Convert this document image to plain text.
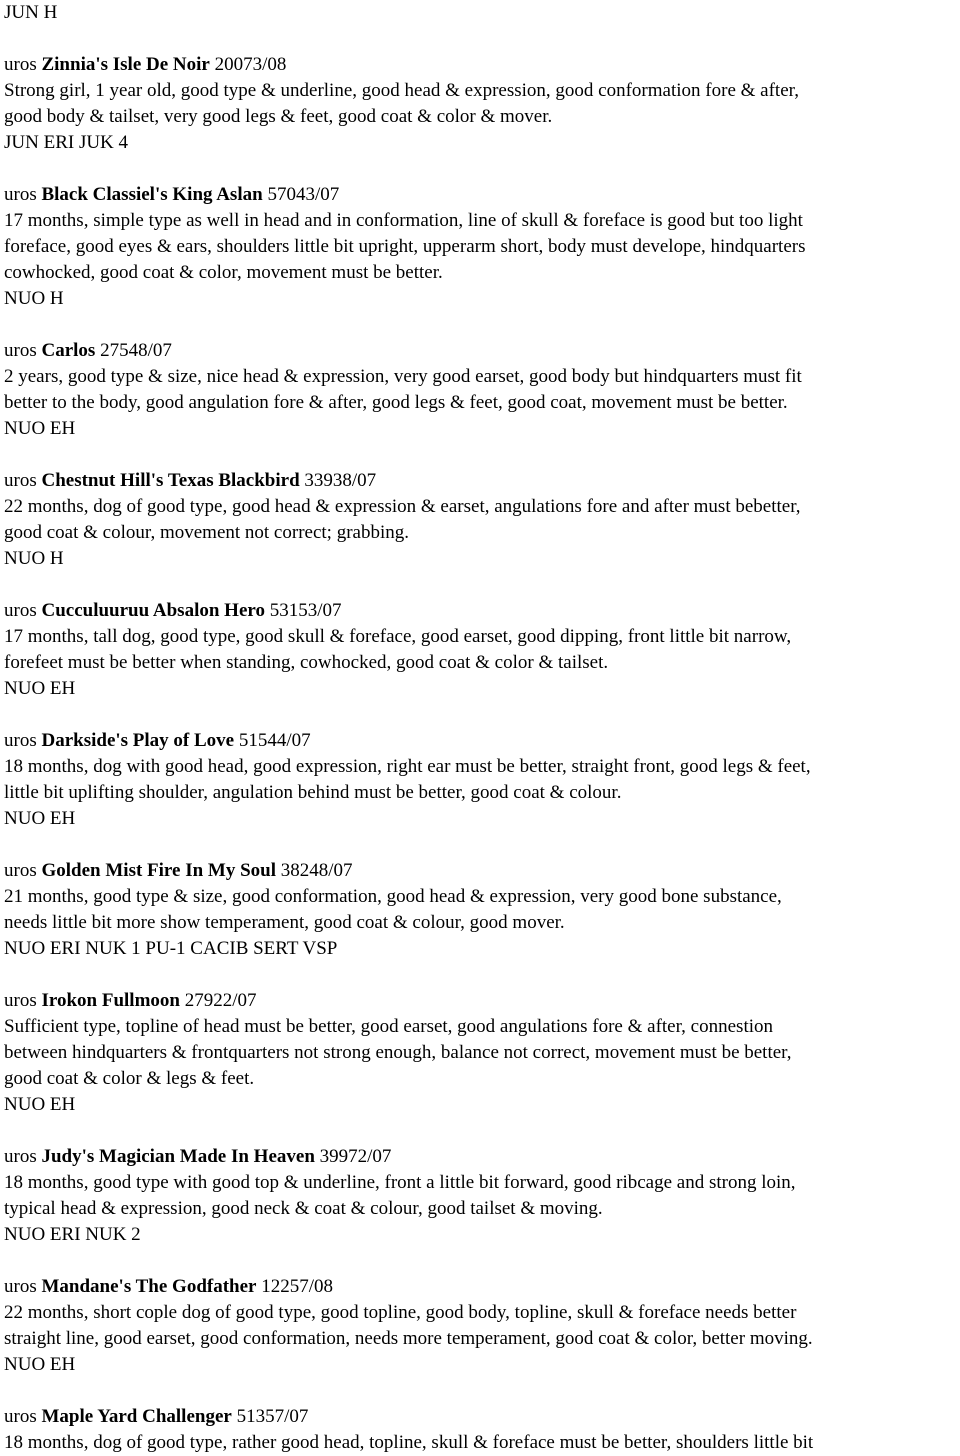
JUN H
uros Zinnia's Isle De Noir 20073/08
Strong girl, 1 year old, good type & underline, good head & expression, good conformation fore & after,
good body & tailset, very good legs & feet, good coat & color & mover.
JUN ERI JUK 4
uros Black Classiel's King Aslan 57043/07
17 months, simple type as well in head and in conformation, line of skull & foreface is good but too light
foreface, good eyes & ears, shoulders little bit upright, upperarm short, body must develope, hindquarters
cowhocked, good coat & color, movement must be better.
NUO H
uros Carlos 27548/07
2 years, good type & size, nice head & expression, very good earset, good body but hindquarters must fit
better to the body, good angulation fore & after, good legs & feet, good coat, movement must be better.
NUO EH
uros Chestnut Hill's Texas Blackbird 33938/07
22 months, dog of good type, good head & expression & earset, angulations fore and after must bebetter,
good coat & colour, movement not correct; grabbing.
NUO H
uros Cucculuuruu Absalon Hero 53153/07
17 months, tall dog, good type, good skull & foreface, good earset, good dipping, front little bit narrow,
forefeet must be better when standing, cowhocked, good coat & color & tailset.
NUO EH
uros Darkside's Play of Love 51544/07
18 months, dog with good head, good expression, right ear must be better, straight front, good legs & feet,
little bit uplifting shoulder, angulation behind must be better, good coat & colour.
NUO EH
uros Golden Mist Fire In My Soul 38248/07
21 months, good type & size, good conformation, good head & expression, very good bone substance,
needs little bit more show temperament, good coat & colour, good mover.
NUO ERI NUK 1 PU-1 CACIB SERT VSP
uros Irokon Fullmoon 27922/07
Sufficient type, topline of head must be better, good earset, good angulations fore & after, connestion
between hindquarters & frontquarters not strong enough, balance not correct, movement must be better,
good coat & color & legs & feet.
NUO EH
uros Judy's Magician Made In Heaven 39972/07
18 months, good type with good top & underline, front a little bit forward, good ribcage and strong loin,
typical head & expression, good neck & coat & colour, good tailset & moving.
NUO ERI NUK 2
uros Mandane's The Godfather 12257/08
22 months, short cople dog of good type, good topline, good body, topline, skull & foreface needs better
straight line, good earset, good conformation, needs more temperament, good coat & color, better moving.
NUO EH
uros Maple Yard Challenger 51357/07
18 months, dog of good type, rather good head, topline, skull & foreface must be better, shoulders little bit
